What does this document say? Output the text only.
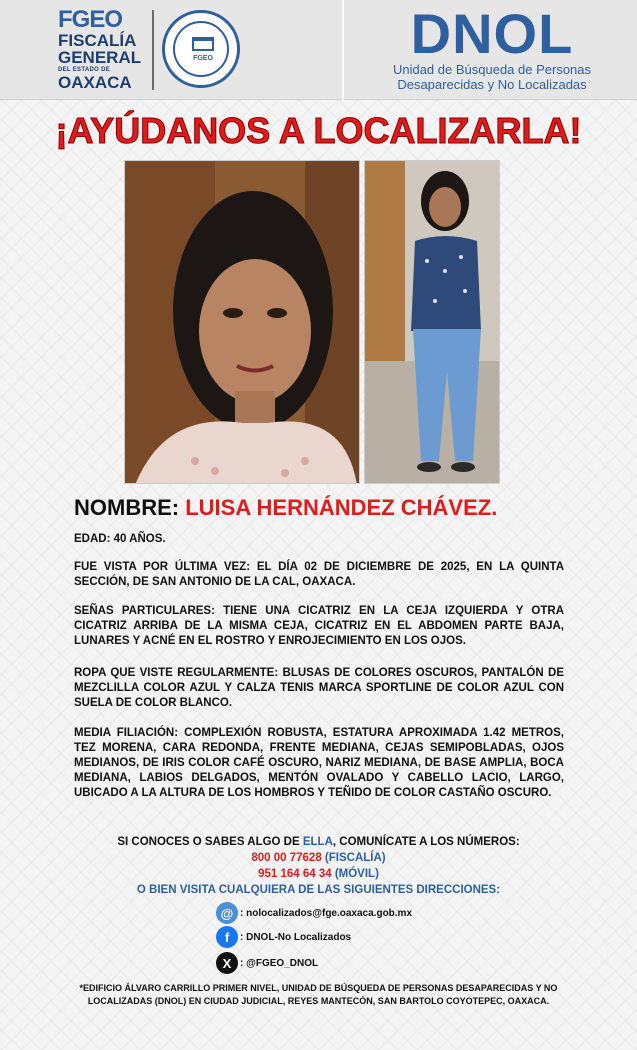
FGEO
FISCALÍA
GENERAL
DEL ESTADO DE
OAXACA
FGEO	DNOL
Unidad de Búsqueda de Personas
Desaparecidas y No Localizadas
¡AYÚDANOS A LOCALIZARLA!
NOMBRE: LUISA HERNÁNDEZ CHÁVEZ.
EDAD: 40 AÑOS.
FUE VISTA POR ÚLTIMA VEZ: EL DÍA 02 DE DICIEMBRE DE 2025, EN LA QUINTA SECCIÓN, DE SAN ANTONIO DE LA CAL, OAXACA.
SEÑAS PARTICULARES: TIENE UNA CICATRIZ EN LA CEJA IZQUIERDA Y OTRA CICATRIZ ARRIBA DE LA MISMA CEJA, CICATRIZ EN EL ABDOMEN PARTE BAJA, LUNARES Y ACNÉ EN EL ROSTRO Y ENROJECIMIENTO EN LOS OJOS.
ROPA QUE VISTE REGULARMENTE: BLUSAS DE COLORES OSCUROS, PANTALÓN DE MEZCLILLA COLOR AZUL Y CALZA TENIS MARCA SPORTLINE DE COLOR AZUL CON SUELA DE COLOR BLANCO.
MEDIA FILIACIÓN: COMPLEXIÓN ROBUSTA, ESTATURA APROXIMADA 1.42 METROS, TEZ MORENA, CARA REDONDA, FRENTE MEDIANA, CEJAS SEMIPOBLADAS, OJOS MEDIANOS, DE IRIS COLOR CAFÉ OSCURO, NARIZ MEDIANA, DE BASE AMPLIA, BOCA MEDIANA, LABIOS DELGADOS, MENTÓN OVALADO Y CABELLO LACIO, LARGO, UBICADO A LA ALTURA DE LOS HOMBROS Y TEÑIDO DE COLOR CASTAÑO OSCURO.
SI CONOCES O SABES ALGO DE ELLA, COMUNÍCATE A LOS NÚMEROS:
800 00 77628 (FISCALÍA)
951 164 64 34 (MÓVIL)
O BIEN VISITA CUALQUIERA DE LAS SIGUIENTES DIRECCIONES:
@ : nolocalizados@fge.oaxaca.gob.mx
f	: DNOL-No Localizados
X : @FGEO_DNOL
*EDIFICIO ÁLVARO CARRILLO PRIMER NIVEL, UNIDAD DE BÚSQUEDA DE PERSONAS DESAPARECIDAS Y NO LOCALIZADAS (DNOL) EN CIUDAD JUDICIAL, REYES MANTECÓN, SAN BARTOLO COYOTEPEC, OAXACA.
